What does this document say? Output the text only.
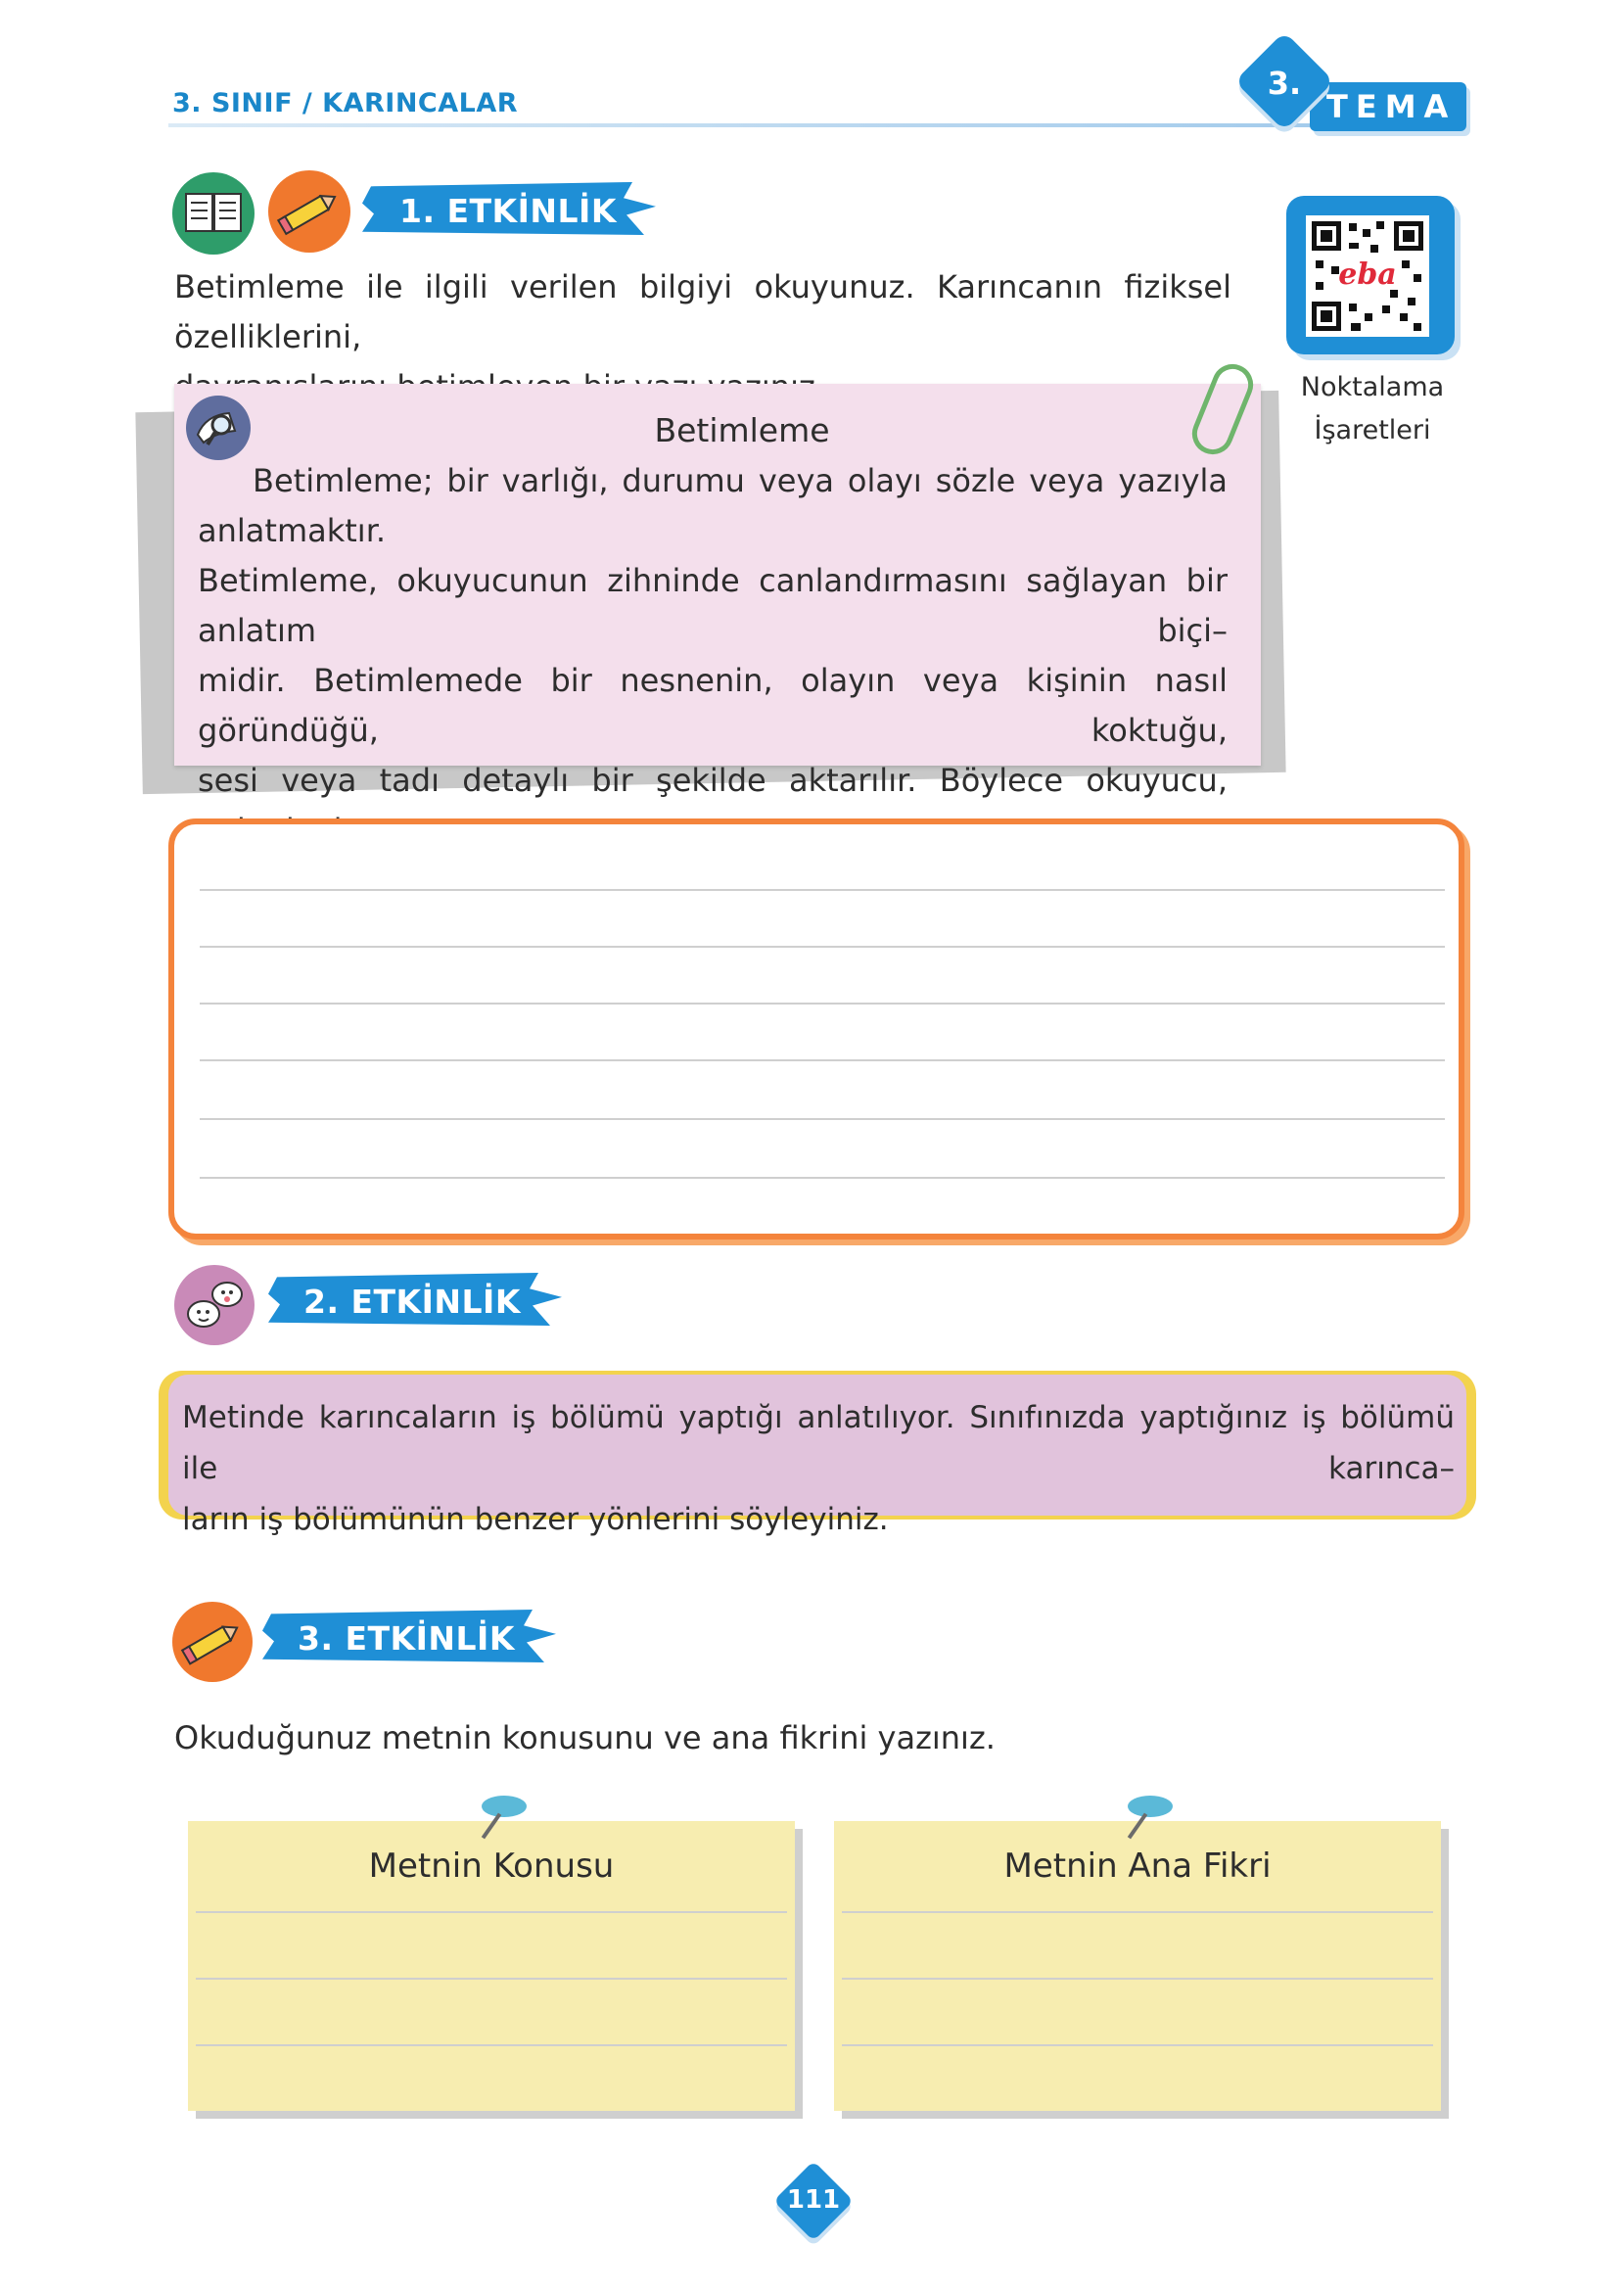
3. SINIF / KARINCALAR	TEMA
3.
eba
Noktalama
İşaretleri
1. ETKİNLİK
Betimleme ile ilgili verilen bilgiyi okuyunuz. Karıncanın fiziksel özelliklerini,
Betimleme
Betimleme; bir varlığı, durumu veya olayı sözle veya yazıyla anlatmaktır.
Betimleme, okuyucunun zihninde canlandırmasını sağlayan bir anlatım biçi–
midir. Betimlemede bir nesnenin, olayın veya kişinin nasıl göründüğü, koktuğu,
sesi veya tadı detaylı bir şekilde aktarılır. Böylece okuyucu,
2. ETKİNLİK
Metinde karıncaların iş bölümü yaptığı anlatılıyor. Sınıfınızda yaptığınız iş bölümü ile karınca–
ların iş bölümünün benzer yönlerini söyleyiniz.
3. ETKİNLİK
Okuduğunuz metnin konusunu ve ana fikrini yazınız.
Metnin Konusu	Metnin Ana Fikri
111
